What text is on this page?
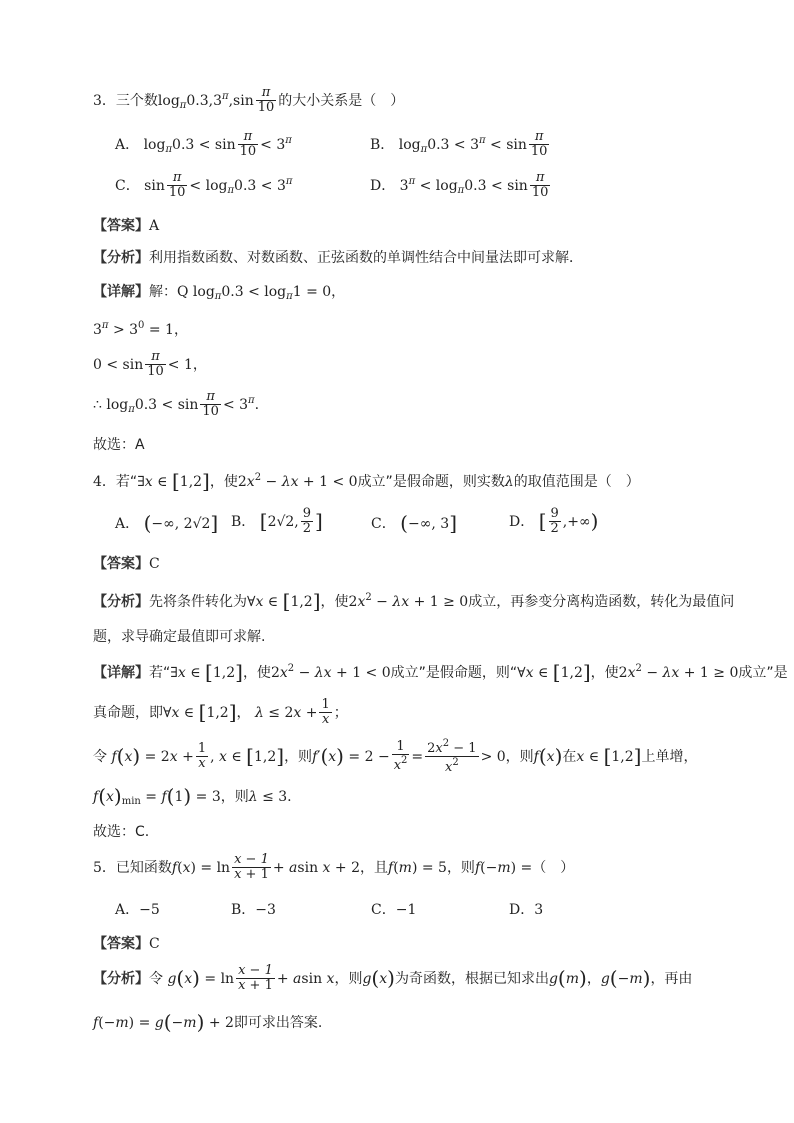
3．三个数$\log_\pi 0.3,3^\pi,\sin \frac{\pi}{10}$ 的大小关系是（　）
A． $\log_\pi 0.3 < \sin \frac{\pi}{10} < 3^\pi$	B． $\log_\pi 0.3 < 3^\pi < \sin \frac{\pi}{10}$
C． $\sin \frac{\pi}{10} < \log_\pi 0.3 < 3^\pi$	D． $3^\pi < \log_\pi 0.3 < \sin \frac{\pi}{10}$
【答案】A
【分析】利用指数函数、对数函数、正弦函数的单调性结合中间量法即可求解．
【详解】解：Q $\log_\pi 0.3 < \log_\pi 1 = 0$，
$3^\pi > 3^0 = 1$，
$0 < \sin \frac{\pi}{10} < 1$，
∴ $\log_\pi 0.3 < \sin \frac{\pi}{10} < 3^\pi$.
故选：A
4．若“∃x ∈ [1,2]，使$2x^2 - \lambda x + 1 < 0$成立”是假命题，则实数λ的取值范围是（　）
A． (−∞, 2√2] B． [2√2, $\frac{9}{2}$ ]	C． (−∞, 3]	D． [ $\frac{9}{2}$ ,+∞)
【答案】C
【分析】先将条件转化为∀x ∈ [1,2]，使$2x^2 - \lambda x + 1 \ge 0$成立，再参变分离构造函数，转化为最值问
题，求导确定最值即可求解.
【详解】若“∃x ∈ [1,2]，使$2x^2 - \lambda x + 1 < 0$成立”是假命题，则“∀x ∈ [1,2]，使$2x^2 - \lambda x + 1 \ge 0$成立”是
真命题，即∀x ∈ [1,2]， $\lambda \le 2x + \frac{1}{x}$ ；
令 $f(x) = 2x + \frac{1}{x}$ , x ∈ [1,2]，则$f'(x) = 2 - \frac{1}{x^2} = \frac{2x^2 - 1}{x^2} > 0$，则f(x)在x ∈ [1,2]上单增，
$f(x)_{min} = f(1) = 3$，则λ ≤ 3.
故选：C.
5．已知函数$f(x) = \ln \frac{x - 1}{x + 1} + asin$ x + 2，且f(m) = 5，则f(−m) =（　）
A．−5	B．−3	C．−1	D．3
【答案】C
【分析】令 $g(x) = \ln \frac{x - 1}{x + 1} + asin$ x，则g(x)为奇函数，根据已知求出g(m)，g(−m)，再由
f(−m) = g(−m) + 2即可求出答案.
